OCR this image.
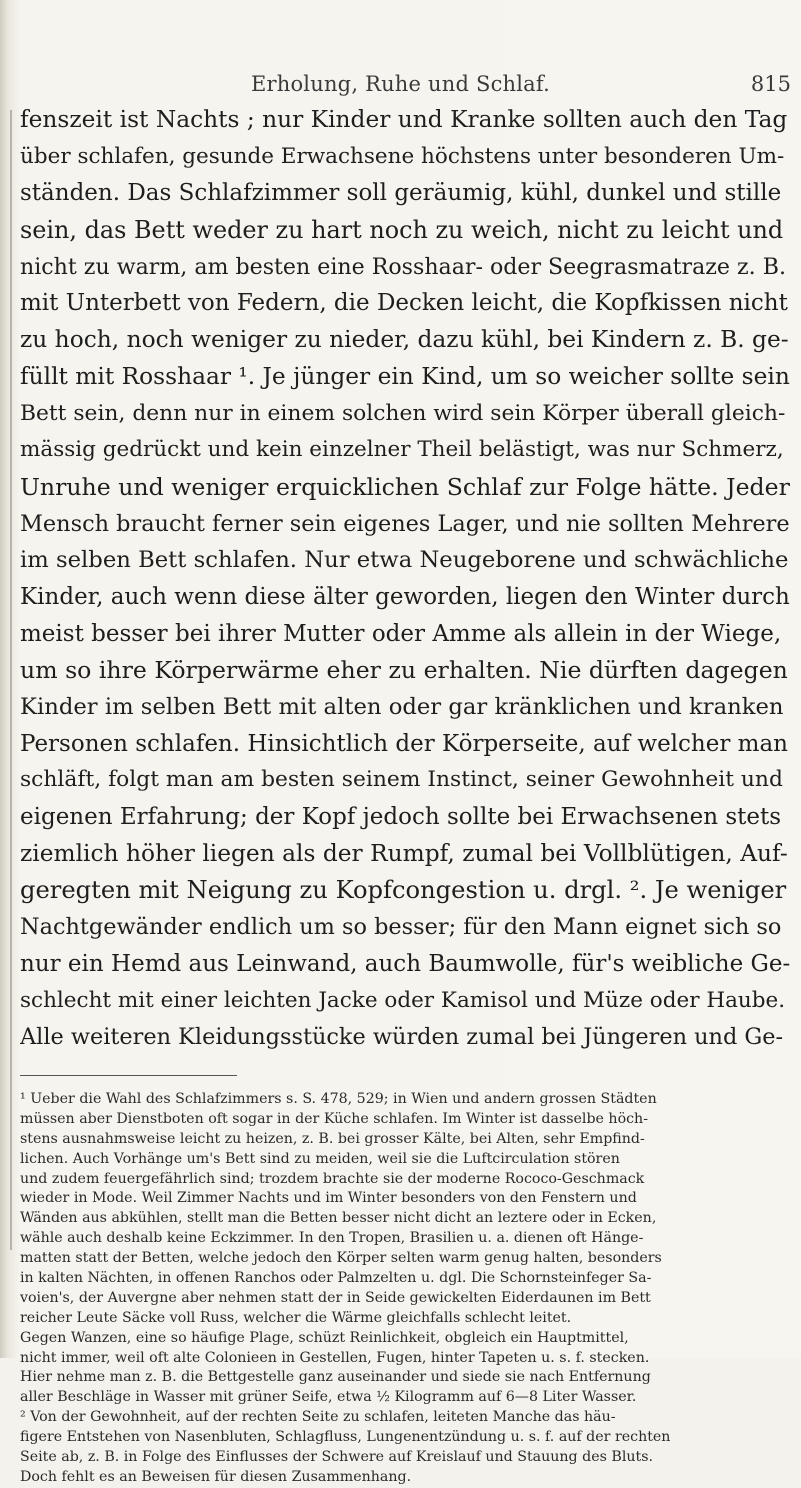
Erholung, Ruhe und Schlaf.	815
fenszeit ist Nachts ; nur Kinder und Kranke sollten auch den Tag
über schlafen, gesunde Erwachsene höchstens unter besonderen Um-
ständen. Das Schlafzimmer soll geräumig, kühl, dunkel und stille
sein, das Bett weder zu hart noch zu weich, nicht zu leicht und
nicht zu warm, am besten eine Rosshaar- oder Seegrasmatraze z. B.
mit Unterbett von Federn, die Decken leicht, die Kopfkissen nicht
zu hoch, noch weniger zu nieder, dazu kühl, bei Kindern z. B. ge-
füllt mit Rosshaar ¹. Je jünger ein Kind, um so weicher sollte sein
Bett sein, denn nur in einem solchen wird sein Körper überall gleich-
mässig gedrückt und kein einzelner Theil belästigt, was nur Schmerz,
Unruhe und weniger erquicklichen Schlaf zur Folge hätte. Jeder
Mensch braucht ferner sein eigenes Lager, und nie sollten Mehrere
im selben Bett schlafen. Nur etwa Neugeborene und schwächliche
Kinder, auch wenn diese älter geworden, liegen den Winter durch
meist besser bei ihrer Mutter oder Amme als allein in der Wiege,
um so ihre Körperwärme eher zu erhalten. Nie dürften dagegen
Kinder im selben Bett mit alten oder gar kränklichen und kranken
Personen schlafen. Hinsichtlich der Körperseite, auf welcher man
schläft, folgt man am besten seinem Instinct, seiner Gewohnheit und
eigenen Erfahrung; der Kopf jedoch sollte bei Erwachsenen stets
ziemlich höher liegen als der Rumpf, zumal bei Vollblütigen, Auf-
geregten mit Neigung zu Kopfcongestion u. drgl. ². Je weniger
Nachtgewänder endlich um so besser; für den Mann eignet sich so
nur ein Hemd aus Leinwand, auch Baumwolle, für's weibliche Ge-
schlecht mit einer leichten Jacke oder Kamisol und Müze oder Haube.
Alle weiteren Kleidungsstücke würden zumal bei Jüngeren und Ge-
¹ Ueber die Wahl des Schlafzimmers s. S. 478, 529; in Wien und andern grossen Städten
müssen aber Dienstboten oft sogar in der Küche schlafen. Im Winter ist dasselbe höch-
stens ausnahmsweise leicht zu heizen, z. B. bei grosser Kälte, bei Alten, sehr Empfind-
lichen. Auch Vorhänge um's Bett sind zu meiden, weil sie die Luftcirculation stören
und zudem feuergefährlich sind; trozdem brachte sie der moderne Rococo-Geschmack
wieder in Mode. Weil Zimmer Nachts und im Winter besonders von den Fenstern und
Wänden aus abkühlen, stellt man die Betten besser nicht dicht an leztere oder in Ecken,
wähle auch deshalb keine Eckzimmer. In den Tropen, Brasilien u. a. dienen oft Hänge-
matten statt der Betten, welche jedoch den Körper selten warm genug halten, besonders
in kalten Nächten, in offenen Ranchos oder Palmzelten u. dgl. Die Schornsteinfeger Sa-
voien's, der Auvergne aber nehmen statt der in Seide gewickelten Eiderdaunen im Bett
reicher Leute Säcke voll Russ, welcher die Wärme gleichfalls schlecht leitet.
Gegen Wanzen, eine so häufige Plage, schüzt Reinlichkeit, obgleich ein Hauptmittel,
nicht immer, weil oft alte Colonieen in Gestellen, Fugen, hinter Tapeten u. s. f. stecken.
Hier nehme man z. B. die Bettgestelle ganz auseinander und siede sie nach Entfernung
aller Beschläge in Wasser mit grüner Seife, etwa ½ Kilogramm auf 6—8 Liter Wasser.
² Von der Gewohnheit, auf der rechten Seite zu schlafen, leiteten Manche das häu-
figere Entstehen von Nasenbluten, Schlagfluss, Lungenentzündung u. s. f. auf der rechten
Seite ab, z. B. in Folge des Einflusses der Schwere auf Kreislauf und Stauung des Bluts.
Doch fehlt es an Beweisen für diesen Zusammenhang.
